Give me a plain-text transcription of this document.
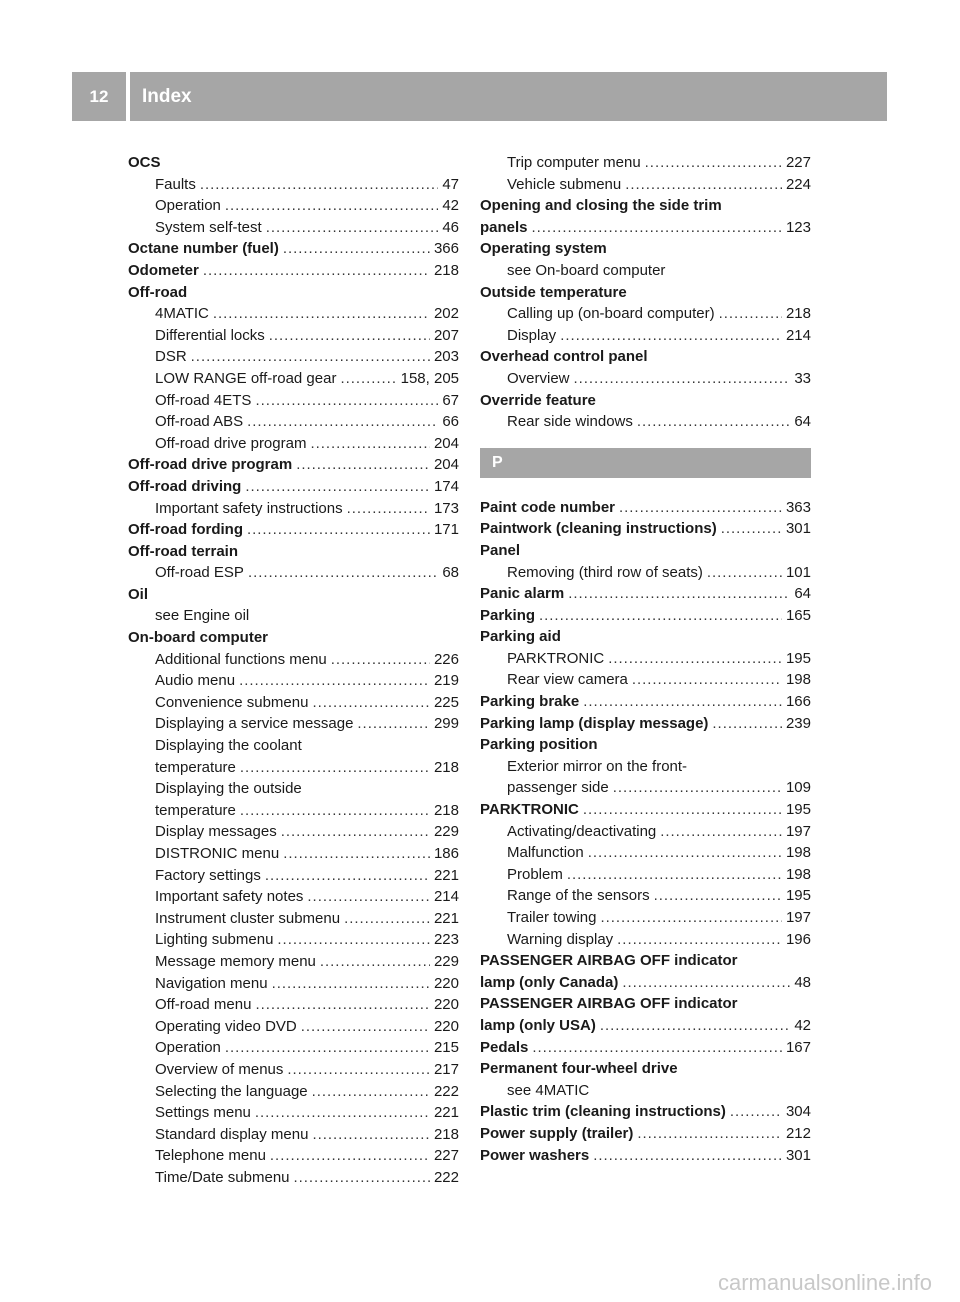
12	Index
OCS
Faults . . .	47
Operation . . .	42
System self-test . . .	46
Octane number (fuel) . . .	366
Odometer . . .	218
Off-road
4MATIC . . .	202
Differential locks . . .	207
DSR . . .	203
LOW RANGE off-road gear . . .	158, 205
Off-road 4ETS . . .	67
Off-road ABS . . .	66
Off-road drive program . . .	204
Off-road drive program . . .	204
Off-road driving . . .	174
Important safety instructions . . .	173
Off-road fording . . .	171
Off-road terrain
Off-road ESP . . .	68
Oil
see Engine oil
On-board computer
Additional functions menu . . .	226
Audio menu . . .	219
Convenience submenu . . .	225
Displaying a service message . . .	299
Displaying the coolant
temperature . . .	218
Displaying the outside
temperature . . .	218
Display messages . . .	229
DISTRONIC menu . . .	186
Factory settings . . .	221
Important safety notes . . .	214
Instrument cluster submenu . . .	221
Lighting submenu . . .	223
Message memory menu . . .	229
Navigation menu . . .	220
Off-road menu . . .	220
Operating video DVD . . .	220
Operation . . .	215
Overview of menus . . .	217
Selecting the language . . .	222
Settings menu . . .	221
Standard display menu . . .	218
Telephone menu . . .	227
Time/Date submenu . . .	222
Trip computer menu . . .	227
Vehicle submenu . . .	224
Opening and closing the side trim
panels . . .	123
Operating system
see On-board computer
Outside temperature
Calling up (on-board computer) . . .	218
Display . . .	214
Overhead control panel
Overview . . .	33
Override feature
Rear side windows . . .	64
P
Paint code number . . .	363
Paintwork (cleaning instructions) . . .	301
Panel
Removing (third row of seats) . . .	101
Panic alarm . . .	64
Parking . . .	165
Parking aid
PARKTRONIC . . .	195
Rear view camera . . .	198
Parking brake . . .	166
Parking lamp (display message) . . .	239
Parking position
Exterior mirror on the front-
passenger side . . .	109
PARKTRONIC . . .	195
Activating/deactivating . . .	197
Malfunction . . .	198
Problem . . .	198
Range of the sensors . . .	195
Trailer towing . . .	197
Warning display . . .	196
PASSENGER AIRBAG OFF indicator
lamp (only Canada) . . .	48
PASSENGER AIRBAG OFF indicator
lamp (only USA) . . .	42
Pedals . . .	167
Permanent four-wheel drive
see 4MATIC
Plastic trim (cleaning instructions) . . .	304
Power supply (trailer) . . .	212
Power washers . . .	301
carmanualsonline.info
